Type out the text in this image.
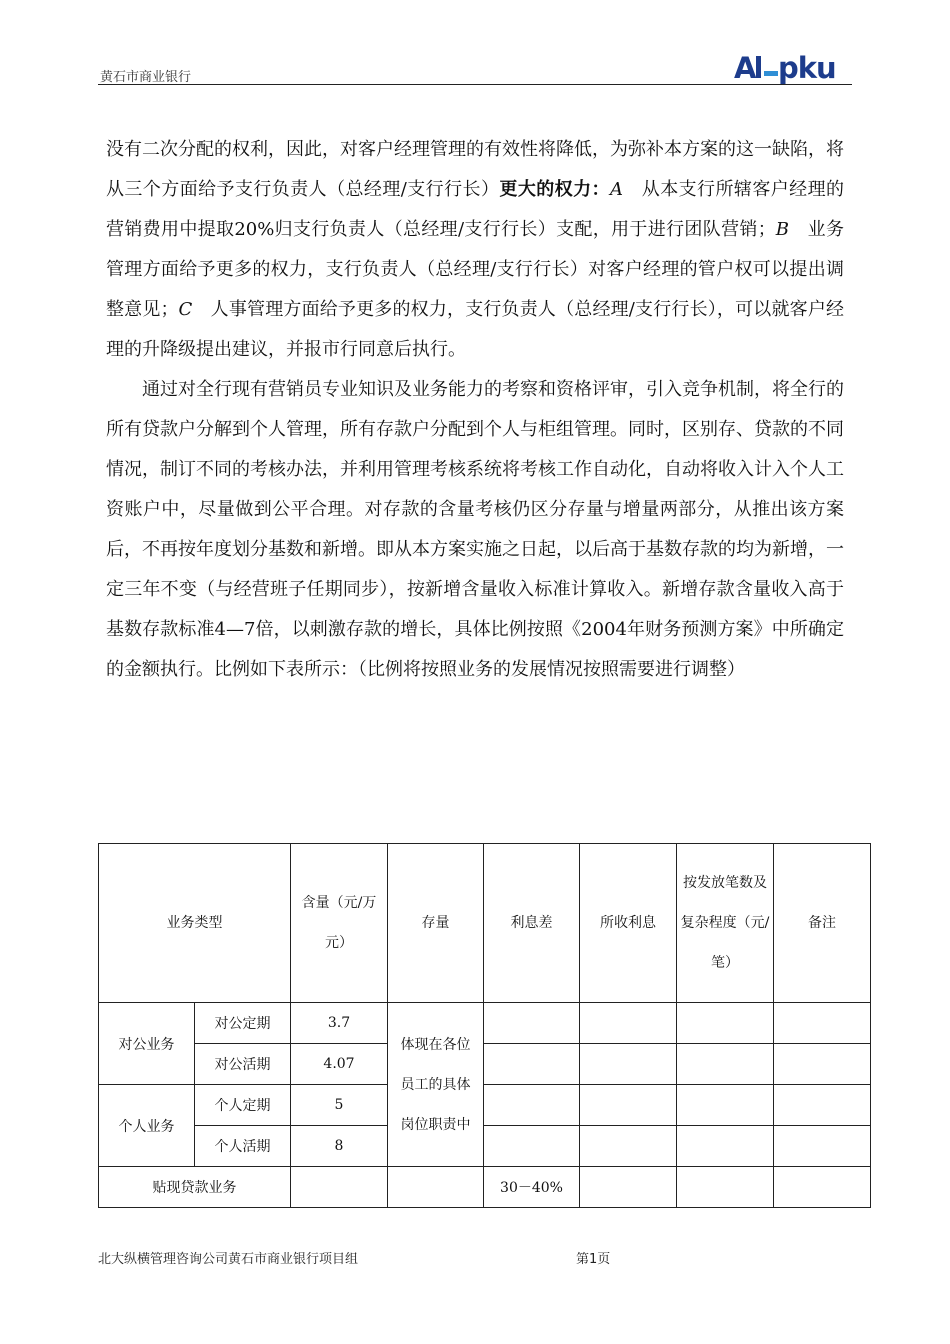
黄石市商业银行	A pku

没有二次分配的权利，因此，对客户经理管理的有效性将降低，为弥补本方案的这一缺陷，将从三个方面给予支行负责人（总经理/支行行长）更大的权力：A　从本支行所辖客户经理的营销费用中提取20%归支行负责人（总经理/支行行长）支配，用于进行团队营销；B　业务管理方面给予更多的权力，支行负责人（总经理/支行行长）对客户经理的管户权可以提出调整意见；C　人事管理方面给予更多的权力，支行负责人（总经理/支行行长），可以就客户经理的升降级提出建议，并报市行同意后执行。

通过对全行现有营销员专业知识及业务能力的考察和资格评审，引入竞争机制，将全行的所有贷款户分解到个人管理，所有存款户分配到个人与柜组管理。同时，区别存、贷款的不同情况，制订不同的考核办法，并利用管理考核系统将考核工作自动化，自动将收入计入个人工资账户中，尽量做到公平合理。对存款的含量考核仍区分存量与增量两部分，从推出该方案后，不再按年度划分基数和新增。即从本方案实施之日起，以后高于基数存款的均为新增，一定三年不变（与经营班子任期同步），按新增含量收入标准计算收入。新增存款含量收入高于基数存款标准4—7倍，以刺激存款的增长，具体比例按照《2004年财务预测方案》中所确定的金额执行。比例如下表所示：（比例将按照业务的发展情况按照需要进行调整）

业务类型		含量（元/万元）	存量	利息差	所收利息	按发放笔数及复杂程度（元/笔）	备注
对公业务	对公定期	3.7	体现在各位员工的具体岗位职责中				
	对公活期	4.07					
个人业务	个人定期	5					
	个人活期	8					
贴现贷款业务				30－40%			
北大纵横管理咨询公司黄石市商业银行项目组	第1页
